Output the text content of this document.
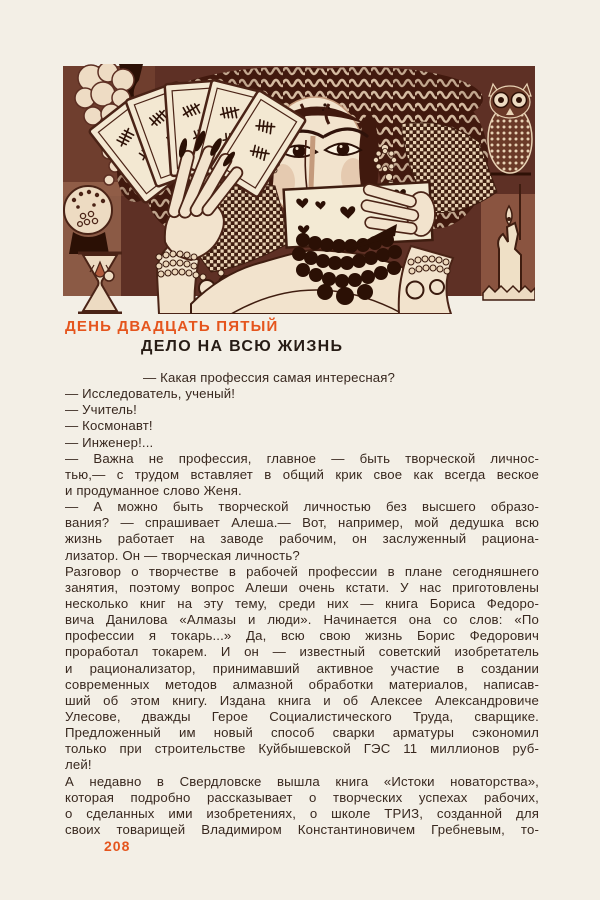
ДЕНЬ ДВАДЦАТЬ ПЯТЫЙ
ДЕЛО НА ВСЮ ЖИЗНЬ

— Какая профессия самая интересная?

— Исследователь, ученый!

— Учитель!

— Космонавт!

— Инженер!...

— Важна не профессия, главное — быть творческой личнос-

тью,— с трудом вставляет в общий крик свое как всегда веское

и продуманное слово Женя.

— А можно быть творческой личностью без высшего образо-

вания? — спрашивает Алеша.— Вот, например, мой дедушка всю

жизнь работает на заводе рабочим, он заслуженный рациона-

лизатор. Он — творческая личность?

Разговор о творчестве в рабочей профессии в плане сегодняшнего

занятия, поэтому вопрос Алеши очень кстати. У нас приготовлены

несколько книг на эту тему, среди них — книга Бориса Федоро-

вича Данилова «Алмазы и люди». Начинается она со слов: «По

профессии я токарь...» Да, всю свою жизнь Борис Федорович

проработал токарем. И он — известный советский изобретатель

и рационализатор, принимавший активное участие в создании

современных методов алмазной обработки материалов, написав-

ший об этом книгу. Издана книга и об Алексее Александровиче

Улесове, дважды Герое Социалистического Труда, сварщике.

Предложенный им новый способ сварки арматуры сэкономил

только при строительстве Куйбышевской ГЭС 11 миллионов руб-

лей!

А недавно в Свердловске вышла книга «Истоки новаторства»,

которая подробно рассказывает о творческих успехах рабочих,

о сделанных ими изобретениях, о школе ТРИЗ, созданной для

своих товарищей Владимиром Константиновичем Гребневым, то-

208
